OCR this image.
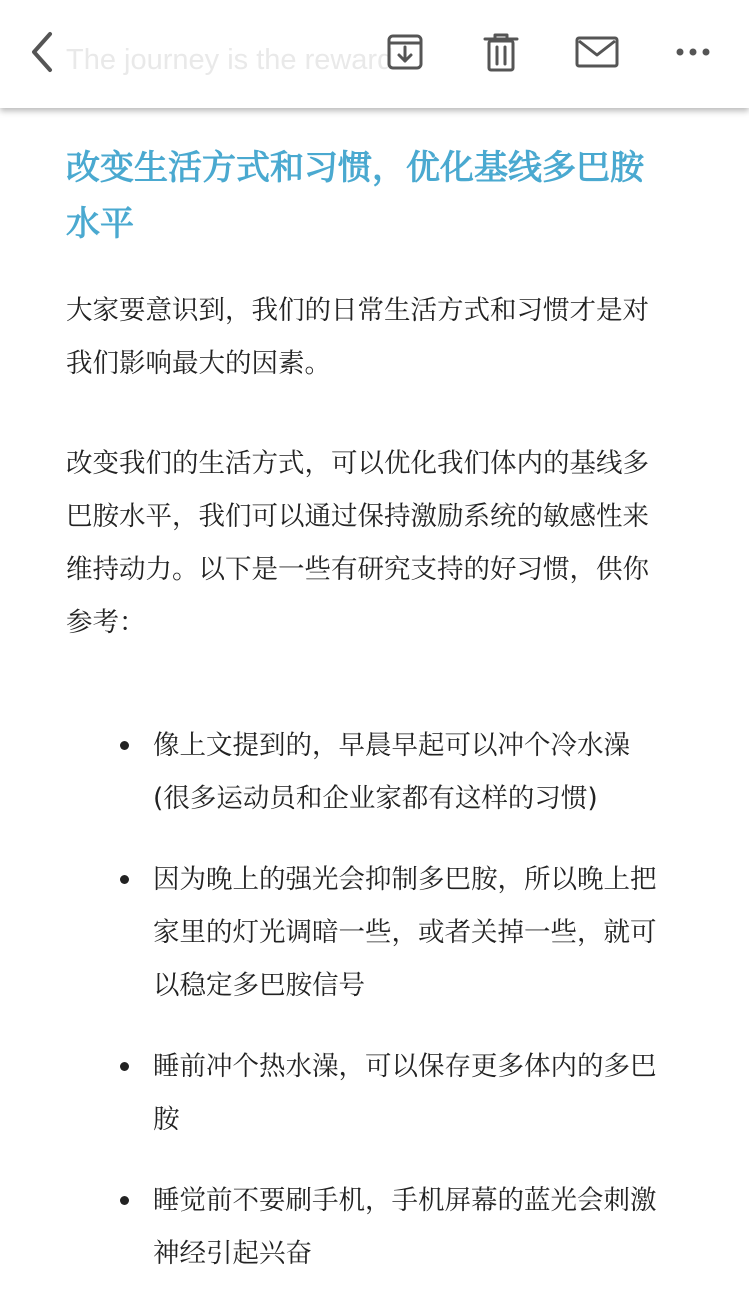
The journey is the reward
改变生活方式和习惯，优化基线多巴胺水平

大家要意识到，我们的日常生活方式和习惯才是对我们影响最大的因素。

改变我们的生活方式，可以优化我们体内的基线多巴胺水平，我们可以通过保持激励系统的敏感性来维持动力。以下是一些有研究支持的好习惯，供你参考：

像上文提到的，早晨早起可以冲个冷水澡 (很多运动员和企业家都有这样的习惯)
因为晚上的强光会抑制多巴胺，所以晚上把家里的灯光调暗一些，或者关掉一些，就可以稳定多巴胺信号
睡前冲个热水澡，可以保存更多体内的多巴胺
睡觉前不要刷手机，手机屏幕的蓝光会刺激神经引起兴奋
